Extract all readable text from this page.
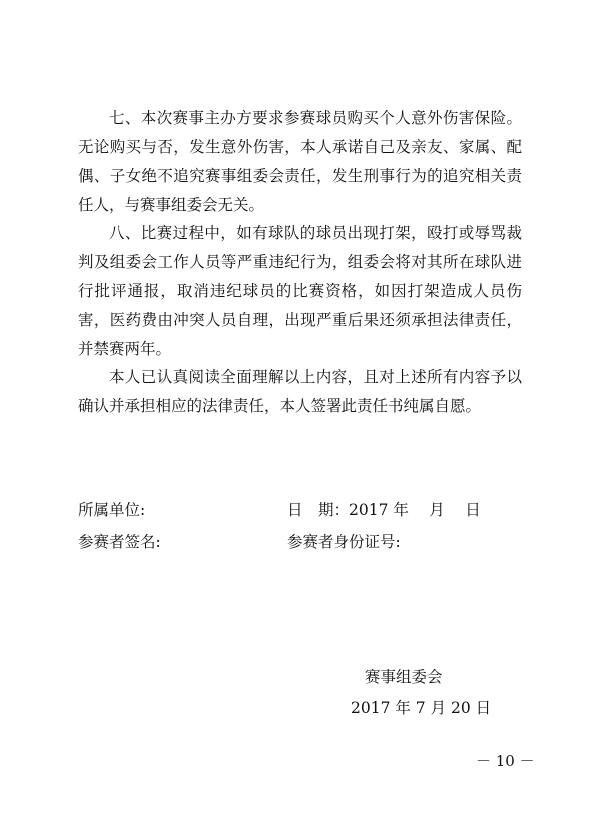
七、本次赛事主办方要求参赛球员购买个人意外伤害保险。无论购买与否，发生意外伤害，本人承诺自己及亲友、家属、配偶、子女绝不追究赛事组委会责任，发生刑事行为的追究相关责任人，与赛事组委会无关。

八、比赛过程中，如有球队的球员出现打架，殴打或辱骂裁判及组委会工作人员等严重违纪行为，组委会将对其所在球队进行批评通报，取消违纪球员的比赛资格，如因打架造成人员伤害，医药费由冲突人员自理，出现严重后果还须承担法律责任，并禁赛两年。

本人已认真阅读全面理解以上内容，且对上述所有内容予以确认并承担相应的法律责任，本人签署此责任书纯属自愿。

所属单位:	日　期：2017 年　 月　 日
参赛者签名:	参赛者身份证号:
赛事组委会
2017 年 7 月 20 日
－ 10 －
